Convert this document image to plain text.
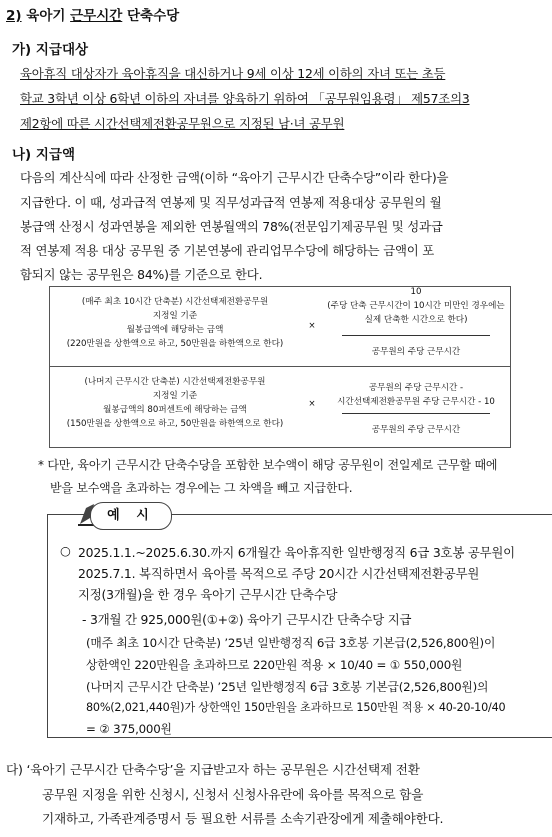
2) 육아기 근무시간 단축수당
가) 지급대상
육아휴직 대상자가 육아휴직을 대신하거나 9세 이상 12세 이하의 자녀 또는 초등
학교 3학년 이상 6학년 이하의 자녀를 양육하기 위하여 「공무원임용령」 제57조의3
제2항에 따른 시간선택제전환공무원으로 지정된 남·녀 공무원
나) 지급액
다음의 계산식에 따라 산정한 금액(이하 “육아기 근무시간 단축수당”이라 한다)을
지급한다. 이 때, 성과급적 연봉제 및 직무성과급적 연봉제 적용대상 공무원의 월
봉급액 산정시 성과연봉을 제외한 연봉월액의 78%(전문임기제공무원 및 성과급
적 연봉제 적용 대상 공무원 중 기본연봉에 관리업무수당에 해당하는 금액이 포
함되지 않는 공무원은 84%)를 기준으로 한다.
(매주 최초 10시간 단축분) 시간선택제전환공무원
지정일 기준
월봉급액에 해당하는 금액
(220만원을 상한액으로 하고, 50만원을 하한액으로 한다)
×
10
(주당 단축 근무시간이 10시간 미만인 경우에는
실제 단축한 시간으로 한다)
공무원의 주당 근무시간
(나머지 근무시간 단축분) 시간선택제전환공무원
지정일 기준
월봉급액의 80퍼센트에 해당하는 금액
(150만원을 상한액으로 하고, 50만원을 하한액으로 한다)
×
공무원의 주당 근무시간 -
시간선택제전환공무원 주당 근무시간 - 10
공무원의 주당 근무시간
* 다만, 육아기 근무시간 단축수당을 포함한 보수액이 해당 공무원이 전일제로 근무할 때에
받을 보수액을 초과하는 경우에는 그 차액을 빼고 지급한다.
예 시
○ 2025.1.1.~2025.6.30.까지 6개월간 육아휴직한 일반행정직 6급 3호봉 공무원이
2025.7.1. 복직하면서 육아를 목적으로 주당 20시간 시간선택제전환공무원
지정(3개월)을 한 경우 육아기 근무시간 단축수당
- 3개월 간 925,000원(①+②) 육아기 근무시간 단축수당 지급
(매주 최초 10시간 단축분) ’25년 일반행정직 6급 3호봉 기본급(2,526,800원)이
상한액인 220만원을 초과하므로 220만원 적용 × 10/40 = ① 550,000원
(나머지 근무시간 단축분) ’25년 일반행정직 6급 3호봉 기본급(2,526,800원)의
80%(2,021,440원)가 상한액인 150만원을 초과하므로 150만원 적용 × 40-20-10/40
= ② 375,000원
다) ‘육아기 근무시간 단축수당’을 지급받고자 하는 공무원은 시간선택제 전환
공무원 지정을 위한 신청시, 신청서 신청사유란에 육아를 목적으로 함을
기재하고, 가족관계증명서 등 필요한 서류를 소속기관장에게 제출해야한다.
